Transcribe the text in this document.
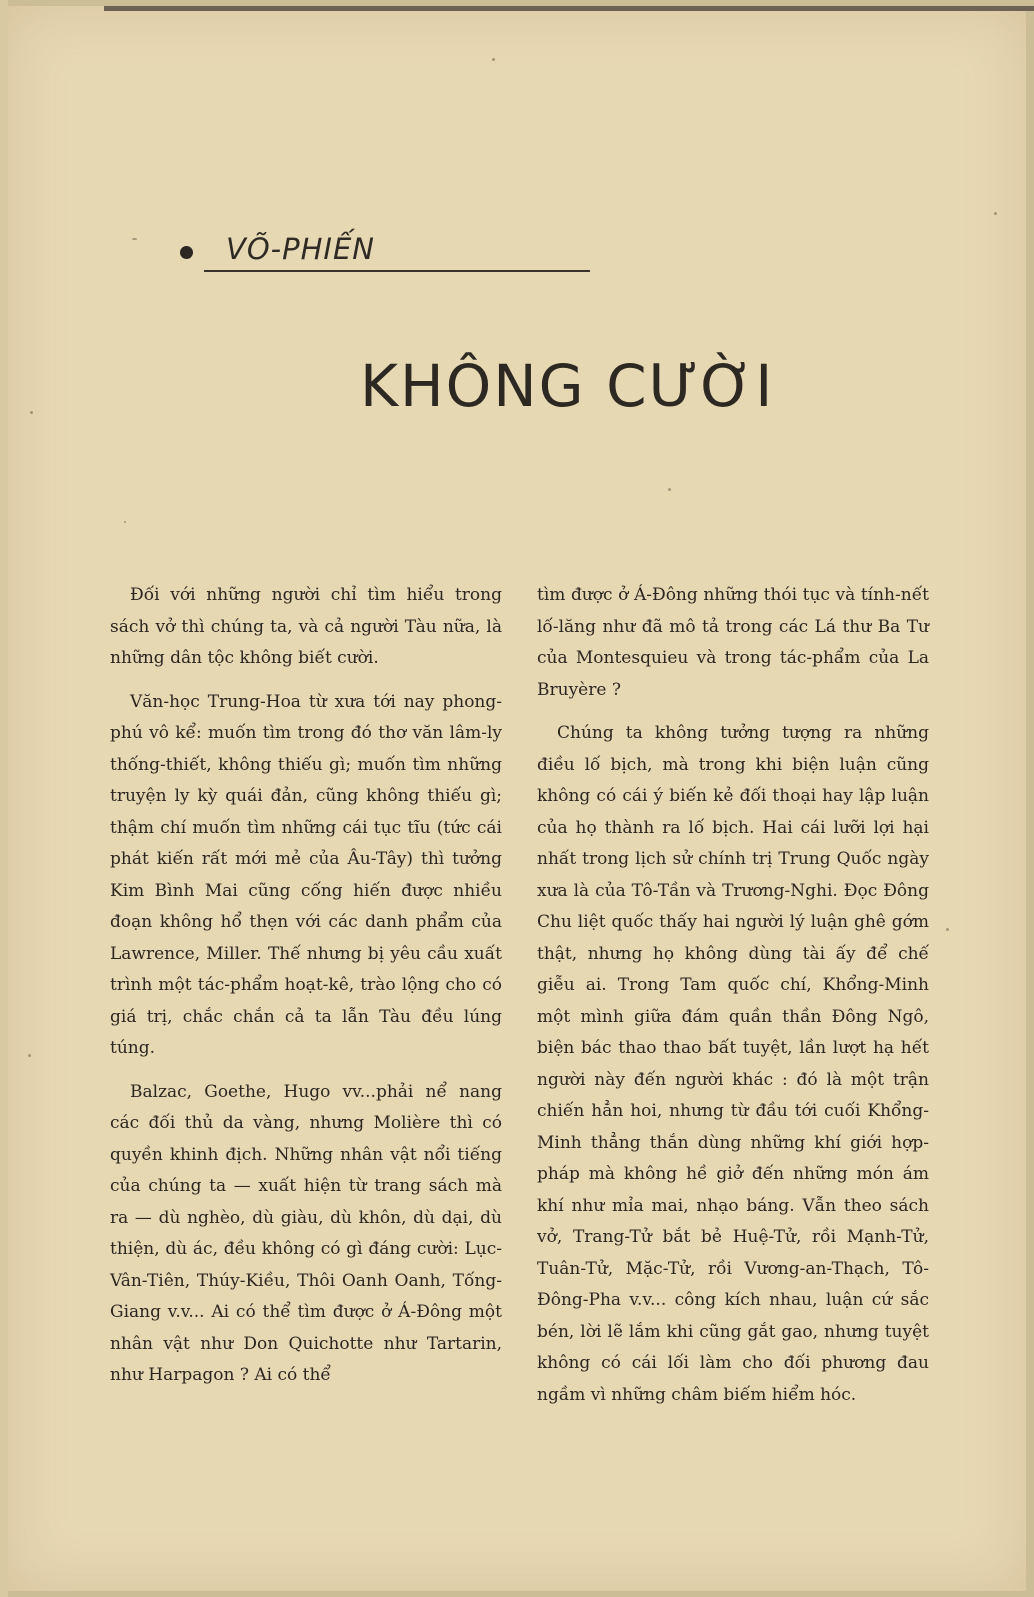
VÕ-PHIẾN
KHÔNG CƯỜI

Đối với những người chỉ tìm hiểu trong sách vở thì chúng ta, và cả người Tàu nữa, là những dân tộc không biết cười.

Văn-học Trung-Hoa từ xưa tới nay phong-phú vô kể: muốn tìm trong đó thơ văn lâm-ly thống-thiết, không thiếu gì; muốn tìm những truyện ly kỳ quái đản, cũng không thiếu gì; thậm chí muốn tìm những cái tục tĩu (tức cái phát kiến rất mới mẻ của Âu-Tây) thì tưởng Kim Bình Mai cũng cống hiến được nhiều đoạn không hổ thẹn với các danh phẩm của Lawrence, Miller. Thế nhưng bị yêu cầu xuất trình một tác-phẩm hoạt-kê, trào lộng cho có giá trị, chắc chắn cả ta lẫn Tàu đều lúng túng.

Balzac, Goethe, Hugo vv...phải nể nang các đối thủ da vàng, nhưng Molière thì có quyền khinh địch. Những nhân vật nổi tiếng của chúng ta — xuất hiện từ trang sách mà ra — dù nghèo, dù giàu, dù khôn, dù dại, dù thiện, dù ác, đều không có gì đáng cười: Lục-Vân-Tiên, Thúy-Kiều, Thôi Oanh Oanh, Tống-Giang v.v... Ai có thể tìm được ở Á-Đông một nhân vật như Don Quichotte như Tartarin, như Harpagon ? Ai có thể

tìm được ở Á-Đông những thói tục và tính-nết lố-lăng như đã mô tả trong các Lá thư Ba Tư của Montesquieu và trong tác-phẩm của La Bruyère ?

Chúng ta không tưởng tượng ra những điều lố bịch, mà trong khi biện luận cũng không có cái ý biến kẻ đối thoại hay lập luận của họ thành ra lố bịch. Hai cái lưỡi lợi hại nhất trong lịch sử chính trị Trung Quốc ngày xưa là của Tô-Tần và Trương-Nghi. Đọc Đông Chu liệt quốc thấy hai người lý luận ghê gớm thật, nhưng họ không dùng tài ấy để chế giễu ai. Trong Tam quốc chí, Khổng-Minh một mình giữa đám quần thần Đông Ngô, biện bác thao thao bất tuyệt, lần lượt hạ hết người này đến người khác : đó là một trận chiến hẳn hoi, nhưng từ đầu tới cuối Khổng-Minh thẳng thắn dùng những khí giới hợp-pháp mà không hề giở đến những món ám khí như mỉa mai, nhạo báng. Vẫn theo sách vở, Trang-Tử bắt bẻ Huệ-Tử, rồi Mạnh-Tử, Tuân-Tử, Mặc-Tử, rồi Vương-an-Thạch, Tô-Đông-Pha v.v... công kích nhau, luận cứ sắc bén, lời lẽ lắm khi cũng gắt gao, nhưng tuyệt không có cái lối làm cho đối phương đau ngầm vì những châm biếm hiểm hóc.
